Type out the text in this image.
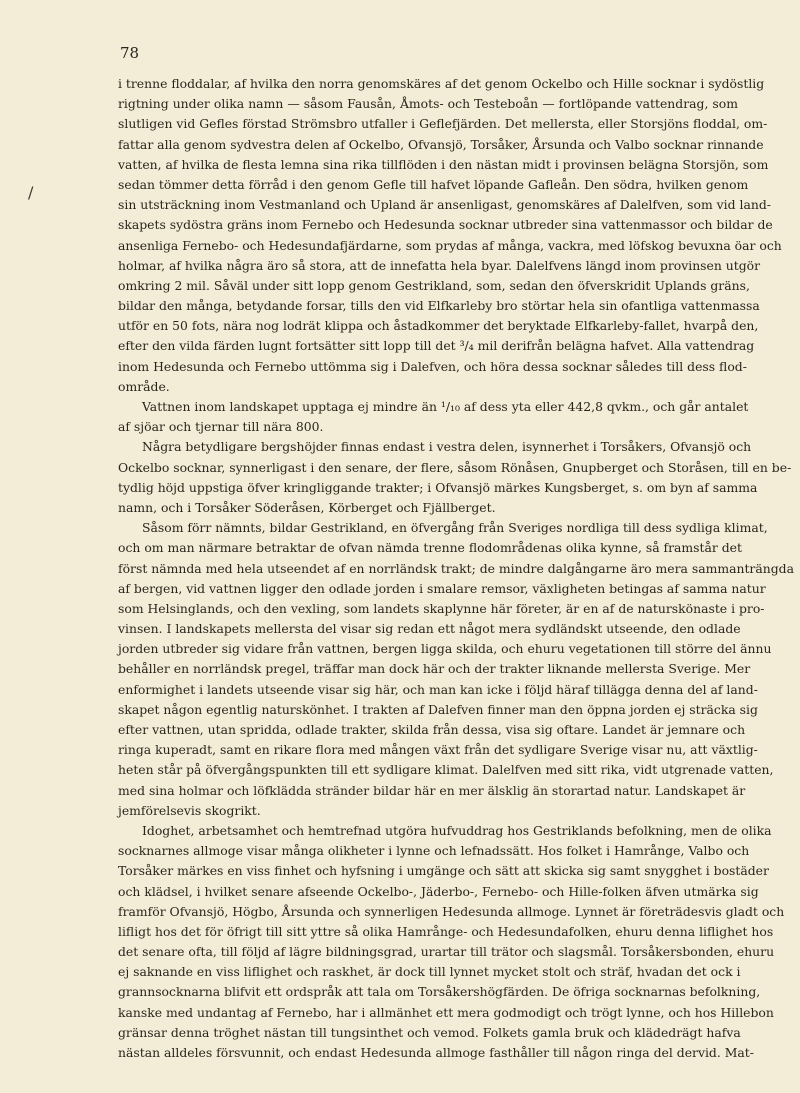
78
/
i trenne floddalar, af hvilka den norra genomskäres af det genom Ockelbo och Hille socknar i sydöstlig
rigtning under olika namn — såsom Fausån, Åmots- och Testeboån — fortlöpande vattendrag, som
slutligen vid Gefles förstad Strömsbro utfaller i Geflefjärden. Det mellersta, eller Storsjöns floddal, om-
fattar alla genom sydvestra delen af Ockelbo, Ofvansjö, Torsåker, Årsunda och Valbo socknar rinnande
vatten, af hvilka de flesta lemna sina rika tillflöden i den nästan midt i provinsen belägna Storsjön, som
sedan tömmer detta förråd i den genom Gefle till hafvet löpande Gafleån. Den södra, hvilken genom
sin utsträckning inom Vestmanland och Upland är ansenligast, genomskäres af Dalelfven, som vid land-
skapets sydöstra gräns inom Fernebo och Hedesunda socknar utbreder sina vattenmassor och bildar de
ansenliga Fernebo- och Hedesundafjärdarne, som prydas af många, vackra, med löfskog bevuxna öar och
holmar, af hvilka några äro så stora, att de innefatta hela byar. Dalelfvens längd inom provinsen utgör
omkring 2 mil. Såväl under sitt lopp genom Gestrikland, som, sedan den öfverskridit Uplands gräns,
bildar den många, betydande forsar, tills den vid Elfkarleby bro störtar hela sin ofantliga vattenmassa
utför en 50 fots, nära nog lodrät klippa och åstadkommer det beryktade Elfkarleby-fallet, hvarpå den,
efter den vilda färden lugnt fortsätter sitt lopp till det ³/₄ mil derifrån belägna hafvet. Alla vattendrag
inom Hedesunda och Fernebo uttömma sig i Dalefven, och höra dessa socknar således till dess flod-
område.
Vattnen inom landskapet upptaga ej mindre än ¹/₁₀ af dess yta eller 442,8 qvkm., och går antalet
af sjöar och tjernar till nära 800.
Några betydligare bergshöjder finnas endast i vestra delen, isynnerhet i Torsåkers, Ofvansjö och
Ockelbo socknar, synnerligast i den senare, der flere, såsom Rönåsen, Gnupberget och Storåsen, till en be-
tydlig höjd uppstiga öfver kringliggande trakter; i Ofvansjö märkes Kungsberget, s. om byn af samma
namn, och i Torsåker Söderåsen, Körberget och Fjällberget.
Såsom förr nämnts, bildar Gestrikland, en öfvergång från Sveriges nordliga till dess sydliga klimat,
och om man närmare betraktar de ofvan nämda trenne flodområdenas olika kynne, så framstår det
först nämnda med hela utseendet af en norrländsk trakt; de mindre dalgångarne äro mera sammanträngda
af bergen, vid vattnen ligger den odlade jorden i smalare remsor, växligheten betingas af samma natur
som Helsinglands, och den vexling, som landets skaplynne här företer, är en af de naturskönaste i pro-
vinsen. I landskapets mellersta del visar sig redan ett något mera sydländskt utseende, den odlade
jorden utbreder sig vidare från vattnen, bergen ligga skilda, och ehuru vegetationen till större del ännu
behåller en norrländsk pregel, träffar man dock här och der trakter liknande mellersta Sverige. Mer
enformighet i landets utseende visar sig här, och man kan icke i följd häraf tillägga denna del af land-
skapet någon egentlig naturskönhet. I trakten af Dalefven finner man den öppna jorden ej sträcka sig
efter vattnen, utan spridda, odlade trakter, skilda från dessa, visa sig oftare. Landet är jemnare och
ringa kuperadt, samt en rikare flora med mången växt från det sydligare Sverige visar nu, att växtlig-
heten står på öfvergångspunkten till ett sydligare klimat. Dalelfven med sitt rika, vidt utgrenade vatten,
med sina holmar och löfklädda stränder bildar här en mer älsklig än storartad natur. Landskapet är
jemförelsevis skogrikt.
Idoghet, arbetsamhet och hemtrefnad utgöra hufvuddrag hos Gestriklands befolkning, men de olika
socknarnes allmoge visar många olikheter i lynne och lefnadssätt. Hos folket i Hamrånge, Valbo och
Torsåker märkes en viss finhet och hyfsning i umgänge och sätt att skicka sig samt snygghet i bostäder
och klädsel, i hvilket senare afseende Ockelbo-, Jäderbo-, Fernebo- och Hille-folken äfven utmärka sig
framför Ofvansjö, Högbo, Årsunda och synnerligen Hedesunda allmoge. Lynnet är företrädesvis gladt och
lifligt hos det för öfrigt till sitt yttre så olika Hamrånge- och Hedesundafolken, ehuru denna liflighet hos
det senare ofta, till följd af lägre bildningsgrad, urartar till trätor och slagsmål. Torsåkersbonden, ehuru
ej saknande en viss liflighet och raskhet, är dock till lynnet mycket stolt och sträf, hvadan det ock i
grannsocknarna blifvit ett ordspråk att tala om Torsåkershögfärden. De öfriga socknarnas befolkning,
kanske med undantag af Fernebo, har i allmänhet ett mera godmodigt och trögt lynne, och hos Hillebon
gränsar denna tröghet nästan till tungsinthet och vemod. Folkets gamla bruk och klädedrägt hafva
nästan alldeles försvunnit, och endast Hedesunda allmoge fasthåller till någon ringa del dervid. Mat-
